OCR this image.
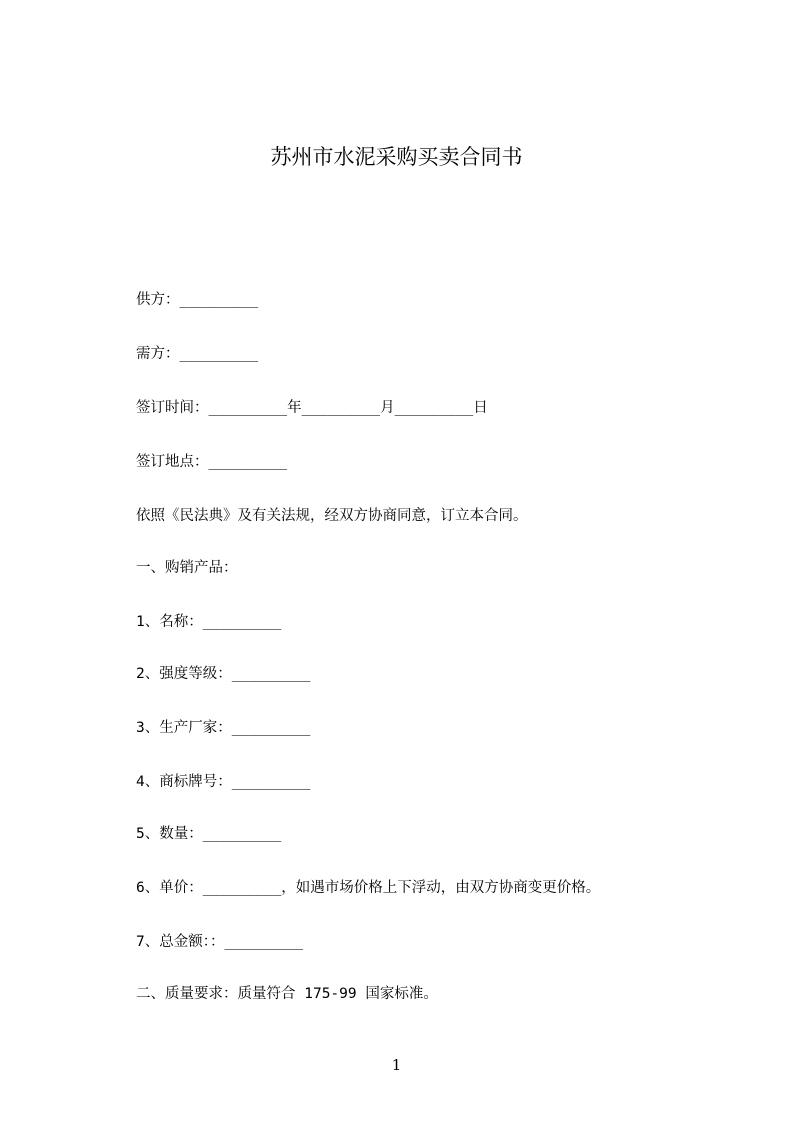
苏州市水泥采购买卖合同书
供方：_________
需方：_________
签订时间：_________年_________月_________日
签订地点：_________
依照《民法典》及有关法规，经双方协商同意，订立本合同。
一、购销产品：
1、名称：_________
2、强度等级：_________
3、生产厂家：_________
4、商标牌号：_________
5、数量：_________
6、单价：_________，如遇市场价格上下浮动，由双方协商变更价格。
7、总金额：：_________
二、质量要求：质量符合 175-99 国家标准。
1
